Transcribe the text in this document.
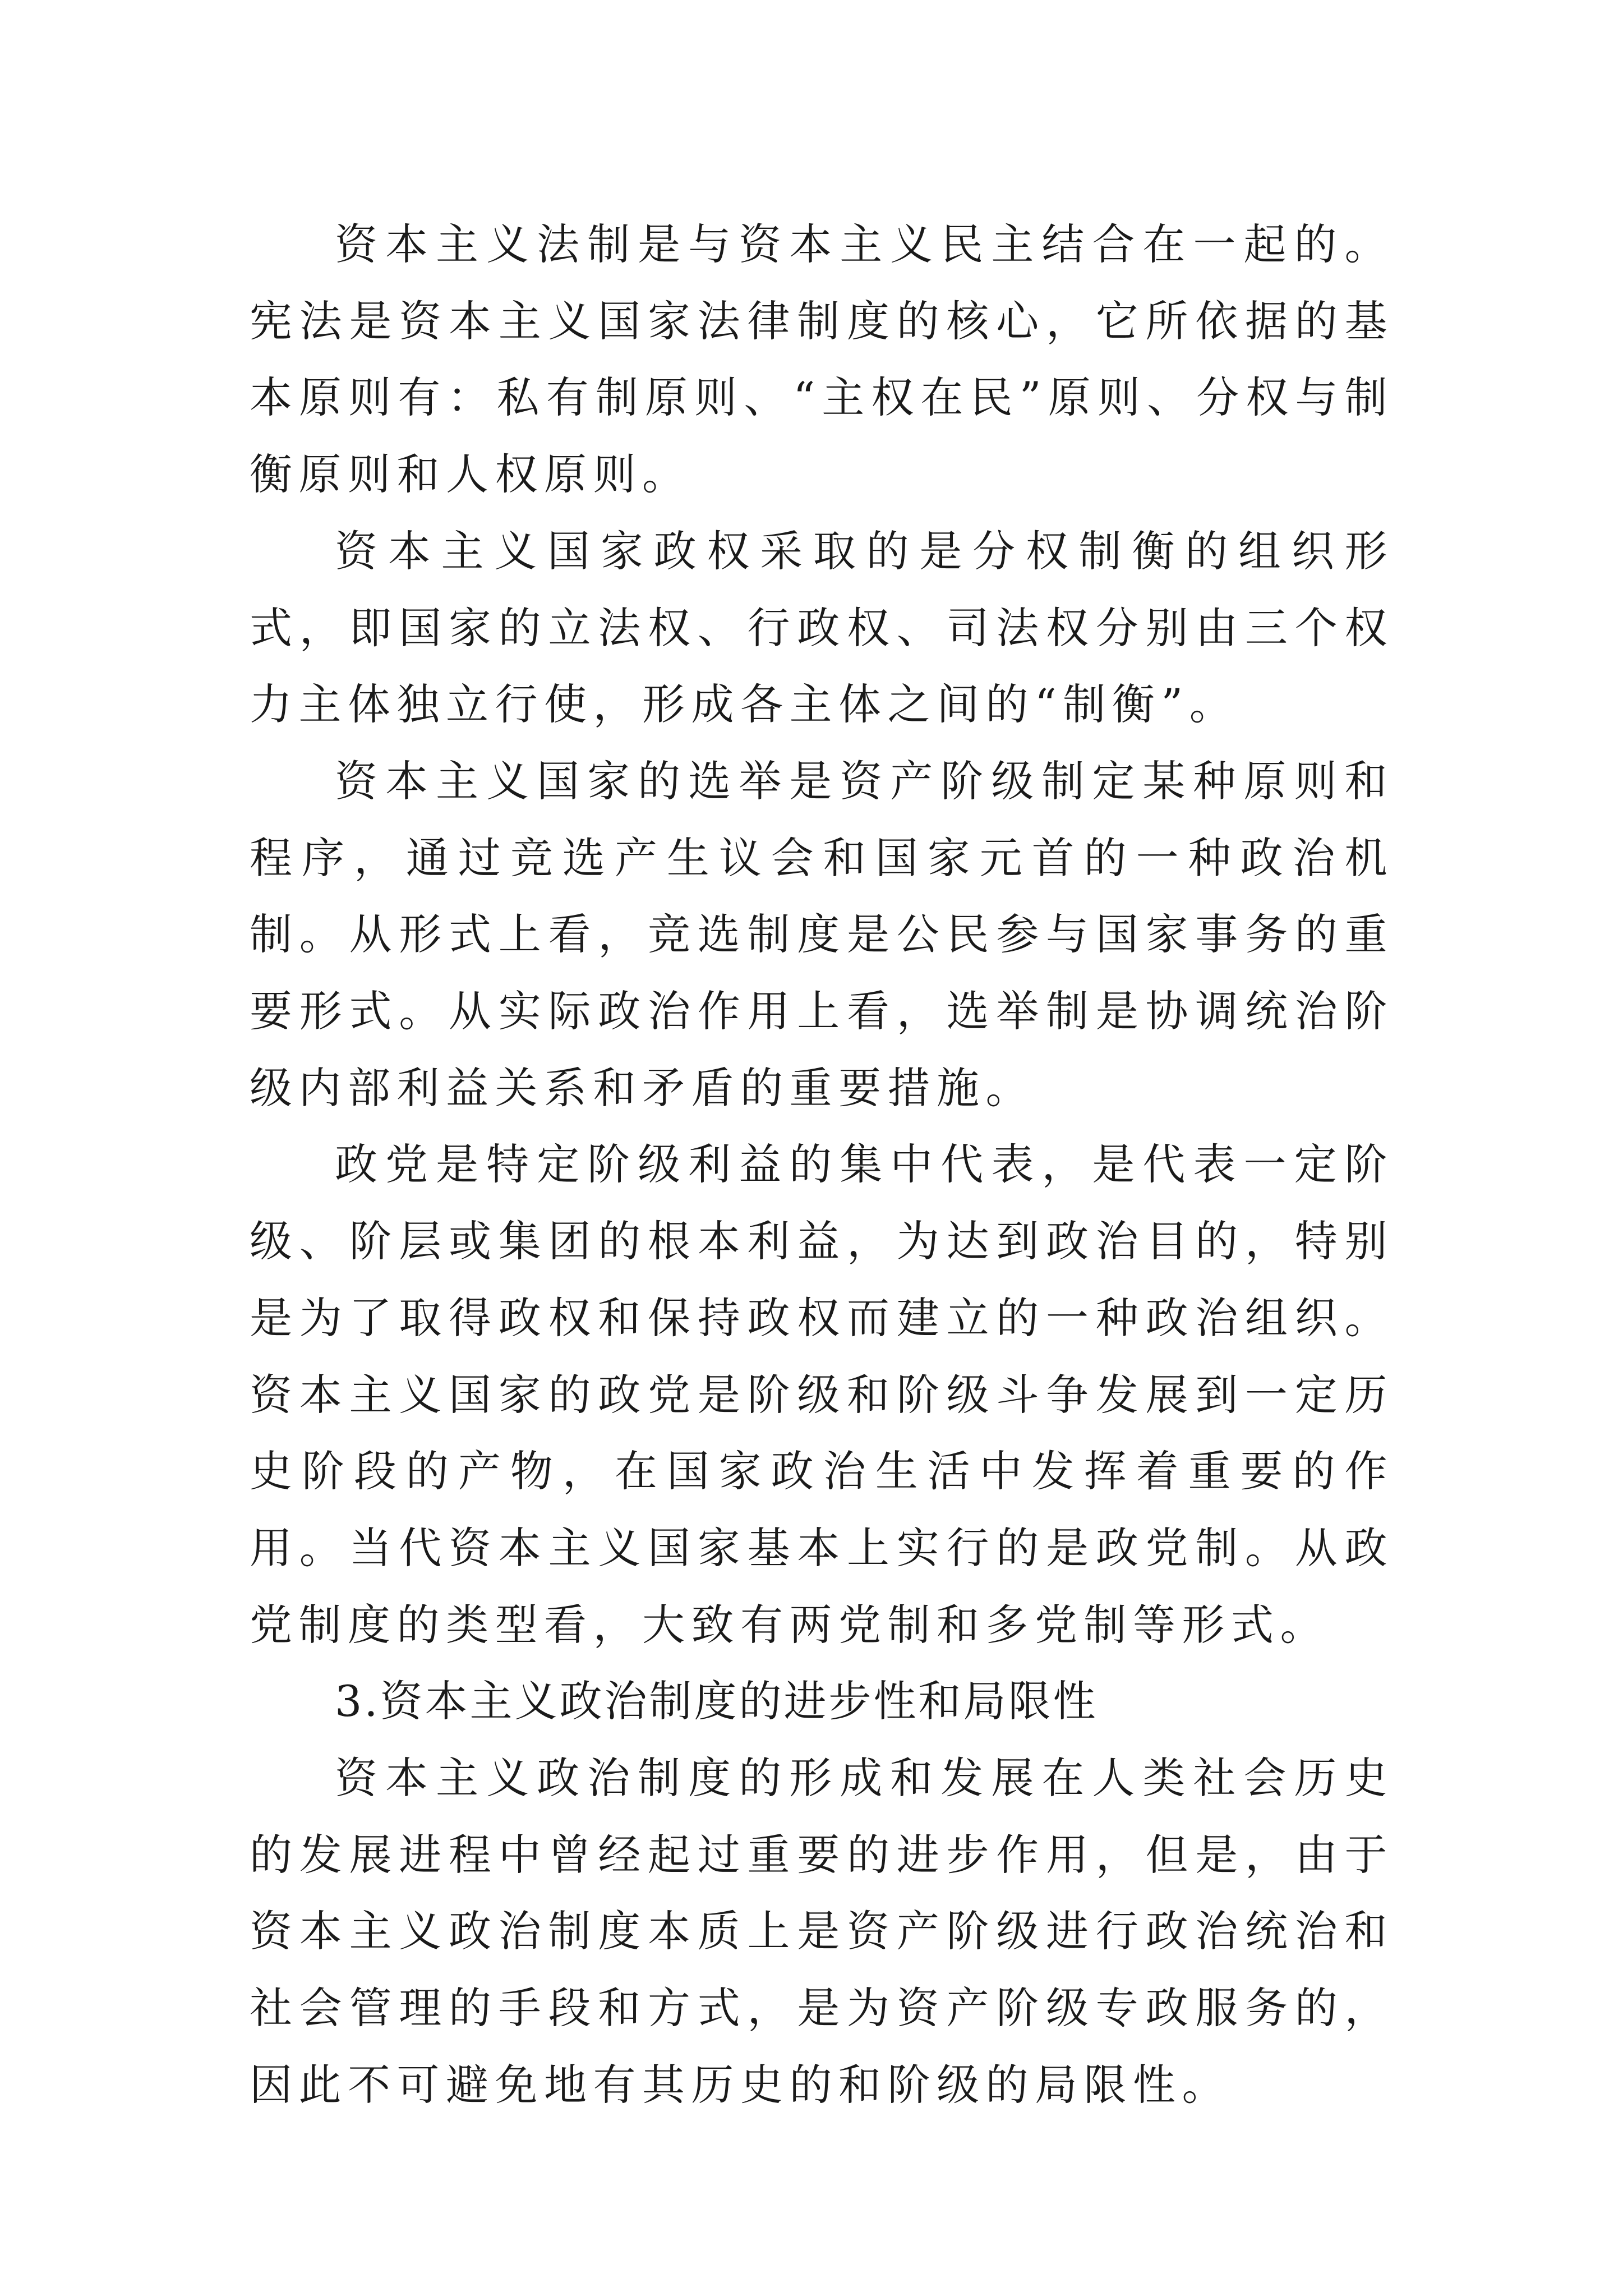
资本主义法制是与资本主义民主结合在一起的。宪法是资本主义国家法律制度的核心，它所依据的基本原则有：私有制原则、“主权在民”原则、分权与制衡原则和人权原则。

资本主义国家政权采取的是分权制衡的组织形式，即国家的立法权、行政权、司法权分别由三个权力主体独立行使，形成各主体之间的“制衡”。

资本主义国家的选举是资产阶级制定某种原则和程序，通过竞选产生议会和国家元首的一种政治机制。从形式上看，竞选制度是公民参与国家事务的重要形式。从实际政治作用上看，选举制是协调统治阶级内部利益关系和矛盾的重要措施。

政党是特定阶级利益的集中代表，是代表一定阶级、阶层或集团的根本利益，为达到政治目的，特别是为了取得政权和保持政权而建立的一种政治组织。资本主义国家的政党是阶级和阶级斗争发展到一定历史阶段的产物，在国家政治生活中发挥着重要的作用。当代资本主义国家基本上实行的是政党制。从政党制度的类型看，大致有两党制和多党制等形式。

3.资本主义政治制度的进步性和局限性

资本主义政治制度的形成和发展在人类社会历史的发展进程中曾经起过重要的进步作用，但是，由于资本主义政治制度本质上是资产阶级进行政治统治和社会管理的手段和方式，是为资产阶级专政服务的，因此不可避免地有其历史的和阶级的局限性。
